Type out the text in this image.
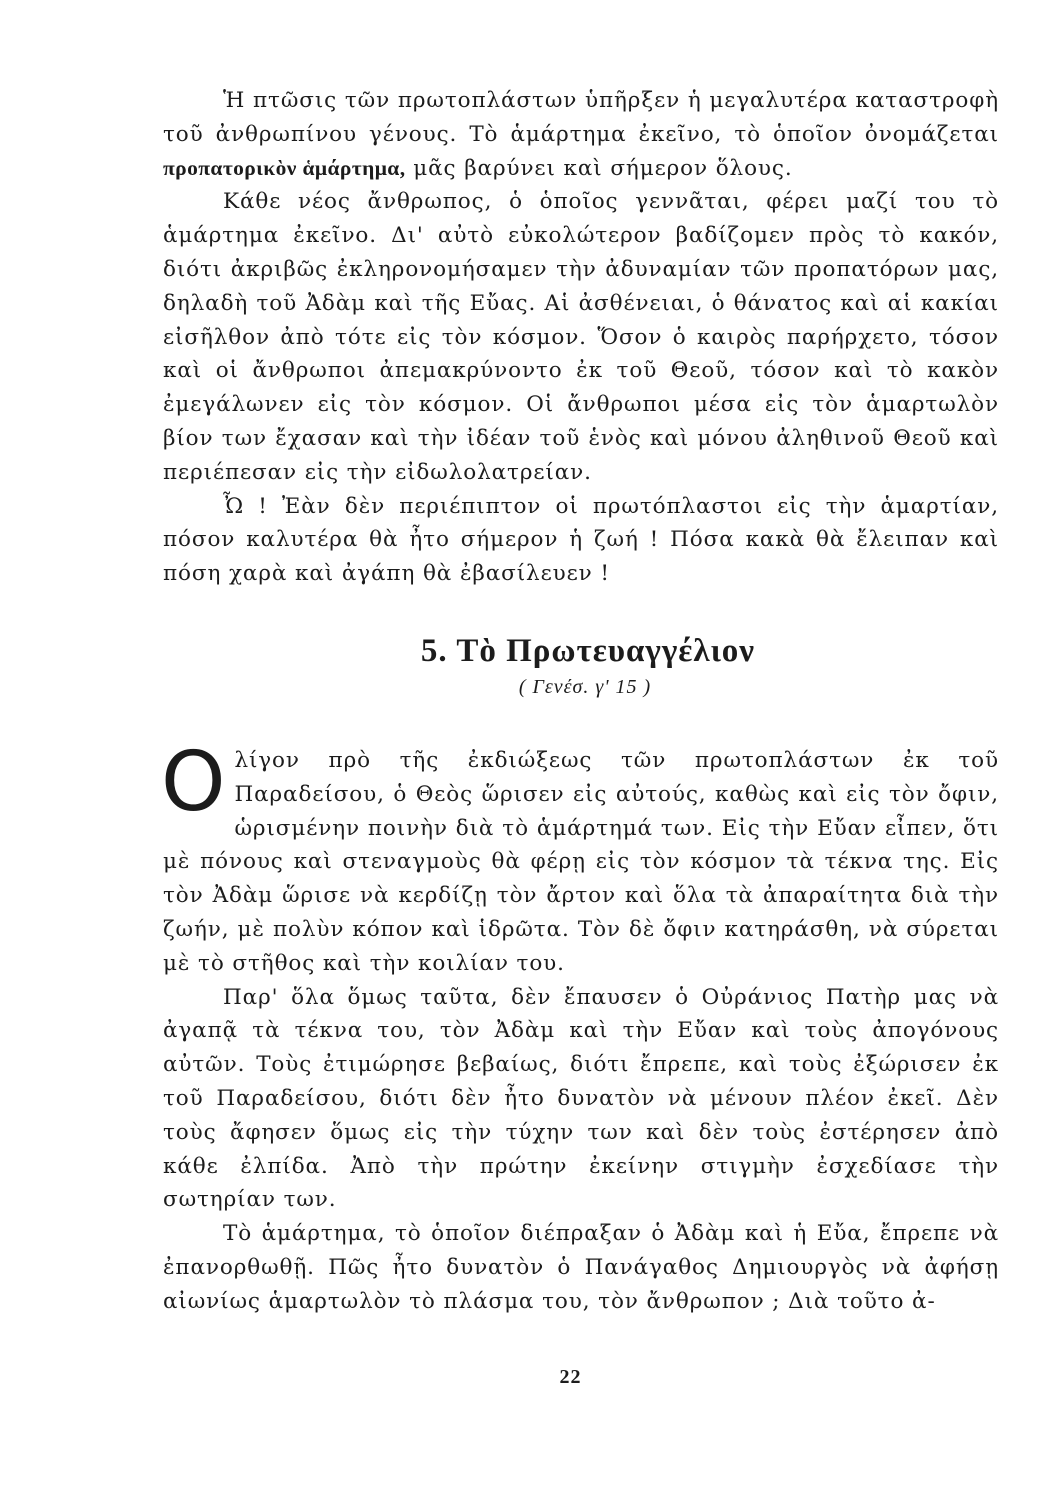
Ἡ πτῶσις τῶν πρωτοπλάστων ὑπῆρξεν ἡ μεγαλυτέρα καταστροφὴ τοῦ ἀνθρωπίνου γένους. Τὸ ἁμάρτημα ἐκεῖνο, τὸ ὁποῖον ὀνομάζεται προπατορικὸν ἁμάρτημα, μᾶς βαρύνει καὶ σήμερον ὅλους.

Κάθε νέος ἄνθρωπος, ὁ ὁποῖος γεννᾶται, φέρει μαζί του τὸ ἁμάρτημα ἐκεῖνο. Δι' αὐτὸ εὐκολώτερον βαδίζομεν πρὸς τὸ κακόν, διότι ἀκριβῶς ἐκληρονομήσαμεν τὴν ἀδυναμίαν τῶν προπατόρων μας, δηλαδὴ τοῦ Ἀδὰμ καὶ τῆς Εὔας. Αἱ ἀσθένειαι, ὁ θάνατος καὶ αἱ κακίαι εἰσῆλθον ἀπὸ τότε εἰς τὸν κόσμον. Ὅσον ὁ καιρὸς παρήρχετο, τόσον καὶ οἱ ἄνθρωποι ἀπεμακρύνοντο ἐκ τοῦ Θεοῦ, τόσον καὶ τὸ κακὸν ἐμεγάλωνεν εἰς τὸν κόσμον. Οἱ ἄνθρωποι μέσα εἰς τὸν ἁμαρτωλὸν βίον των ἔχασαν καὶ τὴν ἰδέαν τοῦ ἑνὸς καὶ μόνου ἀληθινοῦ Θεοῦ καὶ περιέπεσαν εἰς τὴν εἰδωλολατρείαν.

Ὦ ! Ἐὰν δὲν περιέπιπτον οἱ πρωτόπλαστοι εἰς τὴν ἁμαρτίαν, πόσον καλυτέρα θὰ ἦτο σήμερον ἡ ζωή ! Πόσα κακὰ θὰ ἔλειπαν καὶ πόση χαρὰ καὶ ἀγάπη θὰ ἐβασίλευεν !

5. Τὸ Πρωτευαγγέλιον
( Γενέσ. γ' 15 )

Ολίγον πρὸ τῆς ἐκδιώξεως τῶν πρωτοπλάστων ἐκ τοῦ Παραδείσου, ὁ Θεὸς ὥρισεν εἰς αὐτούς, καθὼς καὶ εἰς τὸν ὄφιν, ὡρισμένην ποινὴν διὰ τὸ ἁμάρτημά των. Εἰς τὴν Εὔαν εἶπεν, ὅτι μὲ πόνους καὶ στεναγμοὺς θὰ φέρῃ εἰς τὸν κόσμον τὰ τέκνα της. Εἰς τὸν Ἀδὰμ ὥρισε νὰ κερδίζῃ τὸν ἄρτον καὶ ὅλα τὰ ἀπαραίτητα διὰ τὴν ζωήν, μὲ πολὺν κόπον καὶ ἱδρῶτα. Τὸν δὲ ὄφιν κατηράσθη, νὰ σύρεται μὲ τὸ στῆθος καὶ τὴν κοιλίαν του.

Παρ' ὅλα ὅμως ταῦτα, δὲν ἔπαυσεν ὁ Οὐράνιος Πατὴρ μας νὰ ἀγαπᾷ τὰ τέκνα του, τὸν Ἀδὰμ καὶ τὴν Εὔαν καὶ τοὺς ἀπογόνους αὐτῶν. Τοὺς ἐτιμώρησε βεβαίως, διότι ἔπρεπε, καὶ τοὺς ἐξώρισεν ἐκ τοῦ Παραδείσου, διότι δὲν ἦτο δυνατὸν νὰ μένουν πλέον ἐκεῖ. Δὲν τοὺς ἄφησεν ὅμως εἰς τὴν τύχην των καὶ δὲν τοὺς ἐστέρησεν ἀπὸ κάθε ἐλπίδα. Ἀπὸ τὴν πρώτην ἐκείνην στιγμὴν ἐσχεδίασε τὴν σωτηρίαν των.

Τὸ ἁμάρτημα, τὸ ὁποῖον διέπραξαν ὁ Ἀδὰμ καὶ ἡ Εὔα, ἔπρεπε νὰ ἐπανορθωθῇ. Πῶς ἦτο δυνατὸν ὁ Πανάγαθος Δημιουργὸς νὰ ἀφήσῃ αἰωνίως ἁμαρτωλὸν τὸ πλάσμα του, τὸν ἄνθρωπον ; Διὰ τοῦτο ἀ-

22
